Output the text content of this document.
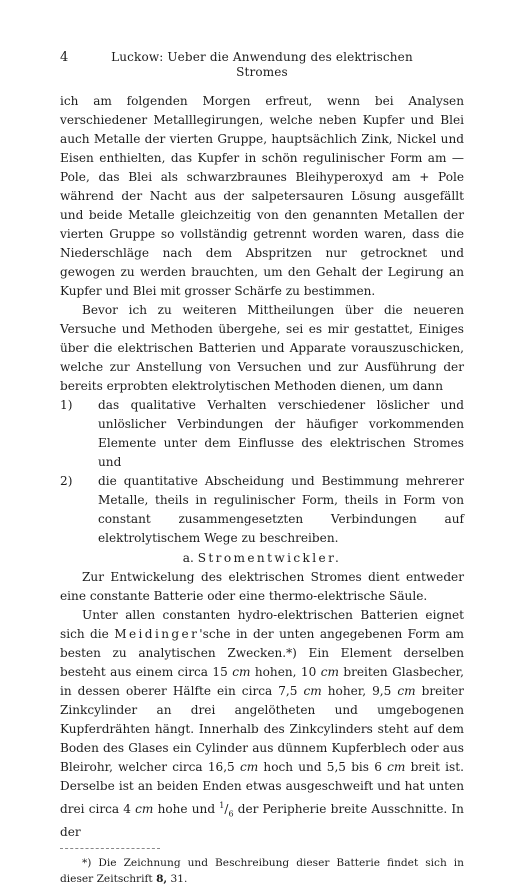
4	Luckow: Ueber die Anwendung des elektrischen Stromes

ich am folgenden Morgen erfreut, wenn bei Analysen verschiedener Metalllegirungen, welche neben Kupfer und Blei auch Metalle der vierten Gruppe, hauptsächlich Zink, Nickel und Eisen enthielten, das Kupfer in schön regulinischer Form am — Pole, das Blei als schwarzbraunes Bleihyperoxyd am + Pole während der Nacht aus der salpetersauren Lösung ausgefällt und beide Metalle gleichzeitig von den genannten Metallen der vierten Gruppe so vollständig getrennt worden waren, dass die Niederschläge nach dem Abspritzen nur getrocknet und gewogen zu werden brauchten, um den Gehalt der Legirung an Kupfer und Blei mit grosser Schärfe zu bestimmen.

Bevor ich zu weiteren Mittheilungen über die neueren Versuche und Methoden übergehe, sei es mir gestattet, Einiges über die elektrischen Batterien und Apparate vorauszuschicken, welche zur Anstellung von Versuchen und zur Ausführung der bereits erprobten elektrolytischen Methoden dienen, um dann

1)	das qualitative Verhalten verschiedener löslicher und unlöslicher Verbindungen der häufiger vorkommenden Elemente unter dem Einflusse des elektrischen Stromes und
2)	die quantitative Abscheidung und Bestimmung mehrerer Metalle, theils in regulinischer Form, theils in Form von constant zusammengesetzten Verbindungen auf elektrolytischem Wege zu beschreiben.
a. Stromentwickler.

Zur Entwickelung des elektrischen Stromes dient entweder eine constante Batterie oder eine thermo-elektrische Säule.

Unter allen constanten hydro-elektrischen Batterien eignet sich die Meidinger'sche in der unten angegebenen Form am besten zu analytischen Zwecken.*) Ein Element derselben besteht aus einem circa 15 cm hohen, 10 cm breiten Glasbecher, in dessen oberer Hälfte ein circa 7,5 cm hoher, 9,5 cm breiter Zinkcylinder an drei angelötheten und umgebogenen Kupferdrähten hängt. Innerhalb des Zinkcylinders steht auf dem Boden des Glases ein Cylinder aus dünnem Kupferblech oder aus Bleirohr, welcher circa 16,5 cm hoch und 5,5 bis 6 cm breit ist. Derselbe ist an beiden Enden etwas ausgeschweift und hat unten drei circa 4 cm hohe und $^1/_6$ der Peripherie breite Ausschnitte. In der

*) Die Zeichnung und Beschreibung dieser Batterie findet sich in dieser Zeitschrift 8, 31.
